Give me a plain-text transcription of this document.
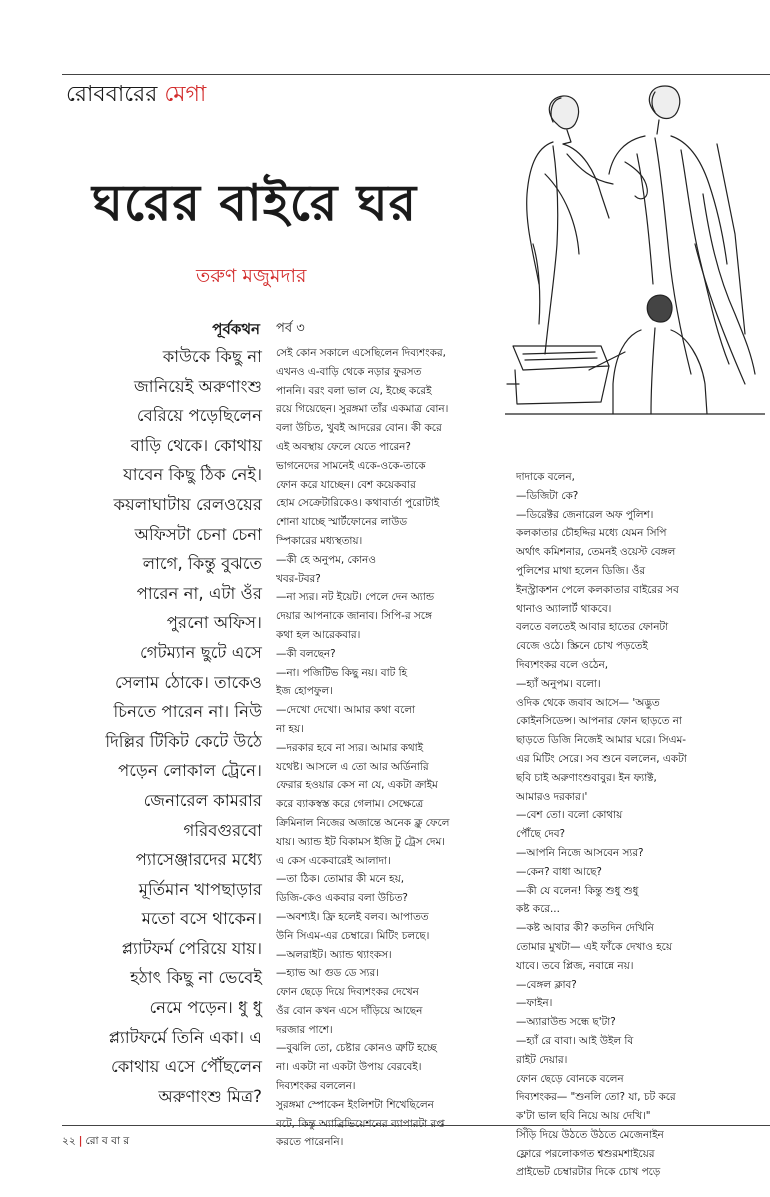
রোববারের মেগা
ঘরের বাইরে ঘর
তরুণ মজুমদার
পূর্বকথন পর্ব ৩
কাউকে কিছু না
জানিয়েই অরুণাংশু
বেরিয়ে পড়েছিলেন
বাড়ি থেকে। কোথায়
যাবেন কিছু ঠিক নেই।
কয়লাঘাটায় রেলওয়ের
অফিসটা চেনা চেনা
লাগে, কিন্তু বুঝতে
পারেন না, এটা ওঁর
পুরনো অফিস।
গেটম্যান ছুটে এসে
সেলাম ঠোকে। তাকেও
চিনতে পারেন না। নিউ
দিল্লির টিকিট কেটে উঠে
পড়েন লোকাল ট্রেনে।
জেনারেল কামরার
গরিবগুরবো
প্যাসেঞ্জারদের মধ্যে
মূর্তিমান খাপছাড়ার
মতো বসে থাকেন।
প্ল্যাটফর্ম পেরিয়ে যায়।
হঠাৎ কিছু না ভেবেই
নেমে পড়েন। ধু ধু
প্ল্যাটফর্মে তিনি একা। এ
কোথায় এসে পৌঁছলেন
অরুণাংশু মিত্র?
সেই কোন সকালে এসেছিলেন দিব্যশংকর,
এখনও এ-বাড়ি থেকে নড়ার ফুরসত
পাননি। বরং বলা ভাল যে, ইচ্ছে করেই
রয়ে গিয়েছেন। সুরঙ্গমা তাঁর একমাত্র বোন।
বলা উচিত, খুবই আদরের বোন। কী করে
এই অবস্থায় ফেলে যেতে পারেন?
ভাগনেদের সামনেই একে-ওকে-তাকে
ফোন করে যাচ্ছেন। বেশ কয়েকবার
হোম সেক্রেটারিকেও। কথাবার্তা পুরোটাই
শোনা যাচ্ছে স্মার্টফোনের লাউড
স্পিকারের মধ্যস্থতায়।
—কী হে অনুপম, কোনও
খবর-টবর?
—না স্যর। নট ইয়েট। পেলে দেন অ্যান্ড
দেয়ার আপনাকে জানাব। সিপি-র সঙ্গে
কথা হল আরেকবার।
—কী বলছেন?
—না। পজিটিভ কিছু নয়। বাট হি
ইজ হোপফুল।
—দেখো দেখো। আমার কথা বলো
না হয়।
—দরকার হবে না স্যর। আমার কথাই
যথেষ্ট। আসলে এ তো আর অর্ডিনারি
ফেরার হওয়ার কেস না যে, একটা ক্রাইম
করে ব্যাকস্বস্ত করে গেলাম। সেক্ষেত্রে
ক্রিমিনাল নিজের অজান্তে অনেক ক্লু ফেলে
যায়। অ্যান্ড ইট বিকামস ইজি টু ট্রেস দেম।
এ কেস একেবারেই আলাদা।
—তা ঠিক। তোমার কী মনে হয়,
ডিজি-কেও একবার বলা উচিত?
—অবশ্যই। ফ্রি হলেই বলব। আপাতত
উনি সিএম-এর চেম্বারে। মিটিং চলছে।
—অলরাইট। অ্যান্ড থ্যাংকস।
—হ্যাভ আ গুড ডে স্যর।
ফোন ছেড়ে দিয়ে দিব্যশংকর দেখেন
ওঁর বোন কখন এসে দাঁড়িয়ে আছেন
দরজার পাশে।
—বুঝলি তো, চেষ্টার কোনও ত্রুটি হচ্ছে
না। একটা না একটা উপায় বেরবেই।
দিব্যশংকর বললেন।
সুরঙ্গমা স্পোকেন ইংলিশটা শিখেছিলেন
বটে, কিন্তু অ্যাব্রিভিয়েশনের ব্যাপারটা রপ্ত
করতে পারেননি।
দাদাকে বলেন,
—ডিজিটা কে?
—ডিরেক্টর জেনারেল অফ পুলিশ।
কলকাতার চৌহদ্দির মধ্যে যেমন সিপি
অর্থাৎ কমিশনার, তেমনই ওয়েস্ট বেঙ্গল
পুলিশের মাথা হলেন ডিজি। ওঁর
ইনস্ট্রাকশন পেলে কলকাতার বাইরের সব
থানাও অ্যালার্ট থাকবে।
বলতে বলতেই আবার হাতের ফোনটা
বেজে ওঠে। স্ক্রিনে চোখ পড়তেই
দিব্যশংকর বলে ওঠেন,
—হ্যাঁ অনুপম। বলো।
ওদিক থেকে জবাব আসে— 'অদ্ভুত
কোইনসিডেন্স। আপনার ফোন ছাড়তে না
ছাড়তে ডিজি নিজেই আমার ঘরে। সিএম-
এর মিটিং সেরে। সব শুনে বললেন, একটা
ছবি চাই অরুণাংশুবাবুর। ইন ফ্যাক্ট,
আমারও দরকার।'
—বেশ তো। বলো কোথায়
পৌঁছে দেব?
—আপনি নিজে আসবেন স্যর?
—কেন? বাধা আছে?
—কী যে বলেন! কিন্তু শুধু শুধু
কষ্ট করে...
—কষ্ট আবার কী? কতদিন দেখিনি
তোমার মুখটা— এই ফাঁকে দেখাও হয়ে
যাবে। তবে প্লিজ, নবান্নে নয়।
—বেঙ্গল ক্লাব?
—ফাইন।
—অ্যারাউন্ড সন্ধে ছ'টা?
—হ্যাঁ রে বাবা। আই উইল বি
রাইট দেয়ার।
ফোন ছেড়ে বোনকে বলেন
দিব্যশংকর— "শুনলি তো? যা, চট করে
ক'টা ভাল ছবি নিয়ে আয় দেখি।"
সিঁড়ি দিয়ে উঠতে উঠতে মেজেনাইন
ফ্লোরে পরলোকগত শ্বশুরমশাইয়ের
প্রাইভেট চেম্বারটার দিকে চোখ পড়ে
২২ | রো ব বা র
